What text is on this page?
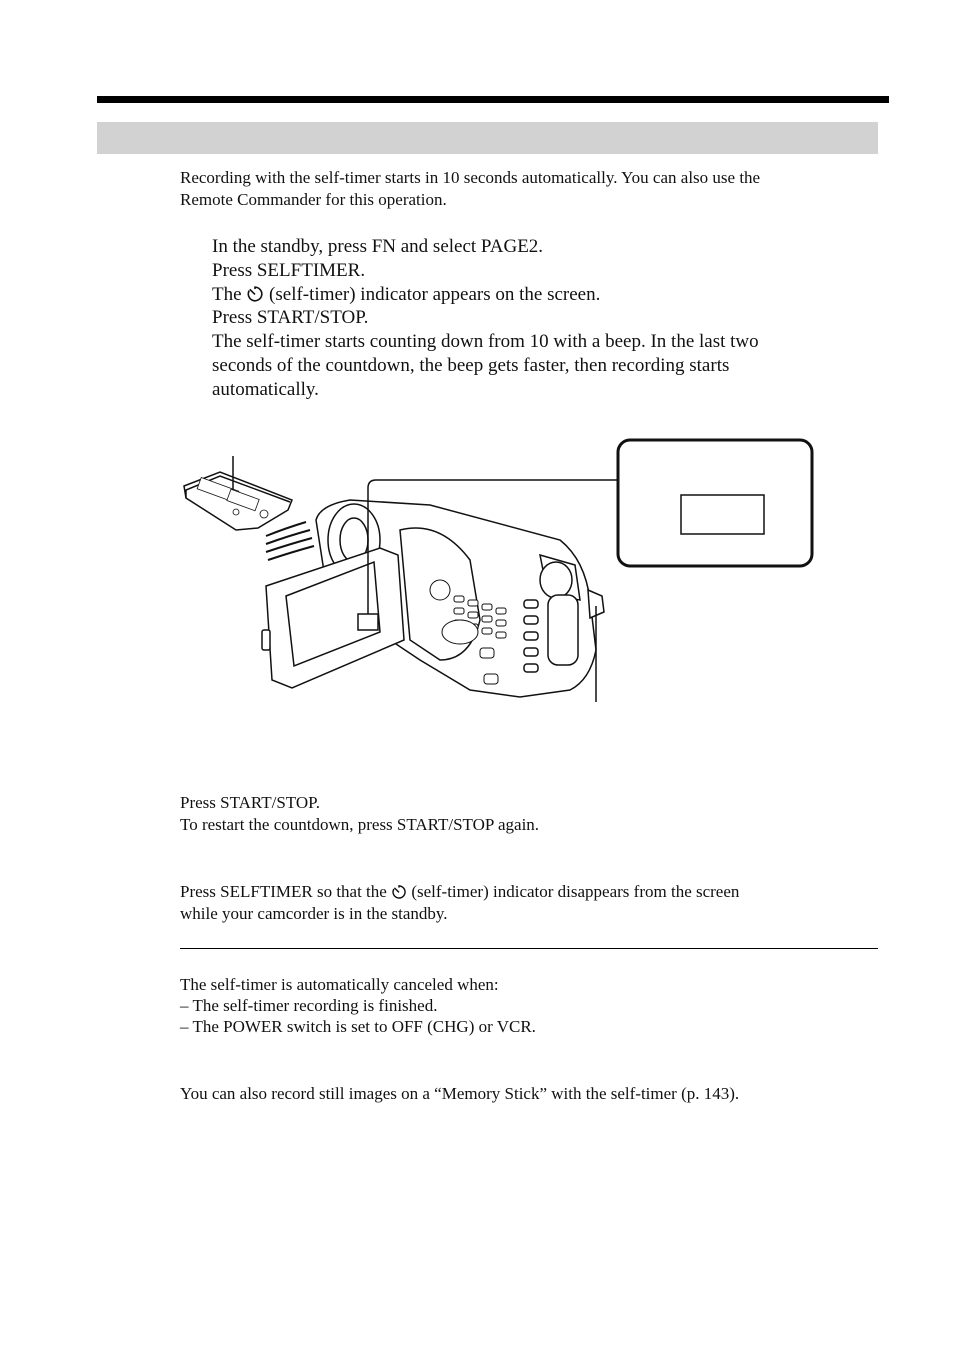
Recording with the self-timer starts in 10 seconds automatically. You can also use the
Remote Commander for this operation.
In the standby, press FN and select PAGE2.
Press SELFTIMER.
The (self-timer) indicator appears on the screen.
Press START/STOP.
The self-timer starts counting down from 10 with a beep. In the last two
seconds of the countdown, the beep gets faster, then recording starts
automatically.
Press START/STOP.
To restart the countdown, press START/STOP again.
Press SELFTIMER so that the (self-timer) indicator disappears from the screen
while your camcorder is in the standby.
The self-timer is automatically canceled when:
– The self-timer recording is finished.
– The POWER switch is set to OFF (CHG) or VCR.
You can also record still images on a “Memory Stick” with the self-timer (p. 143).
